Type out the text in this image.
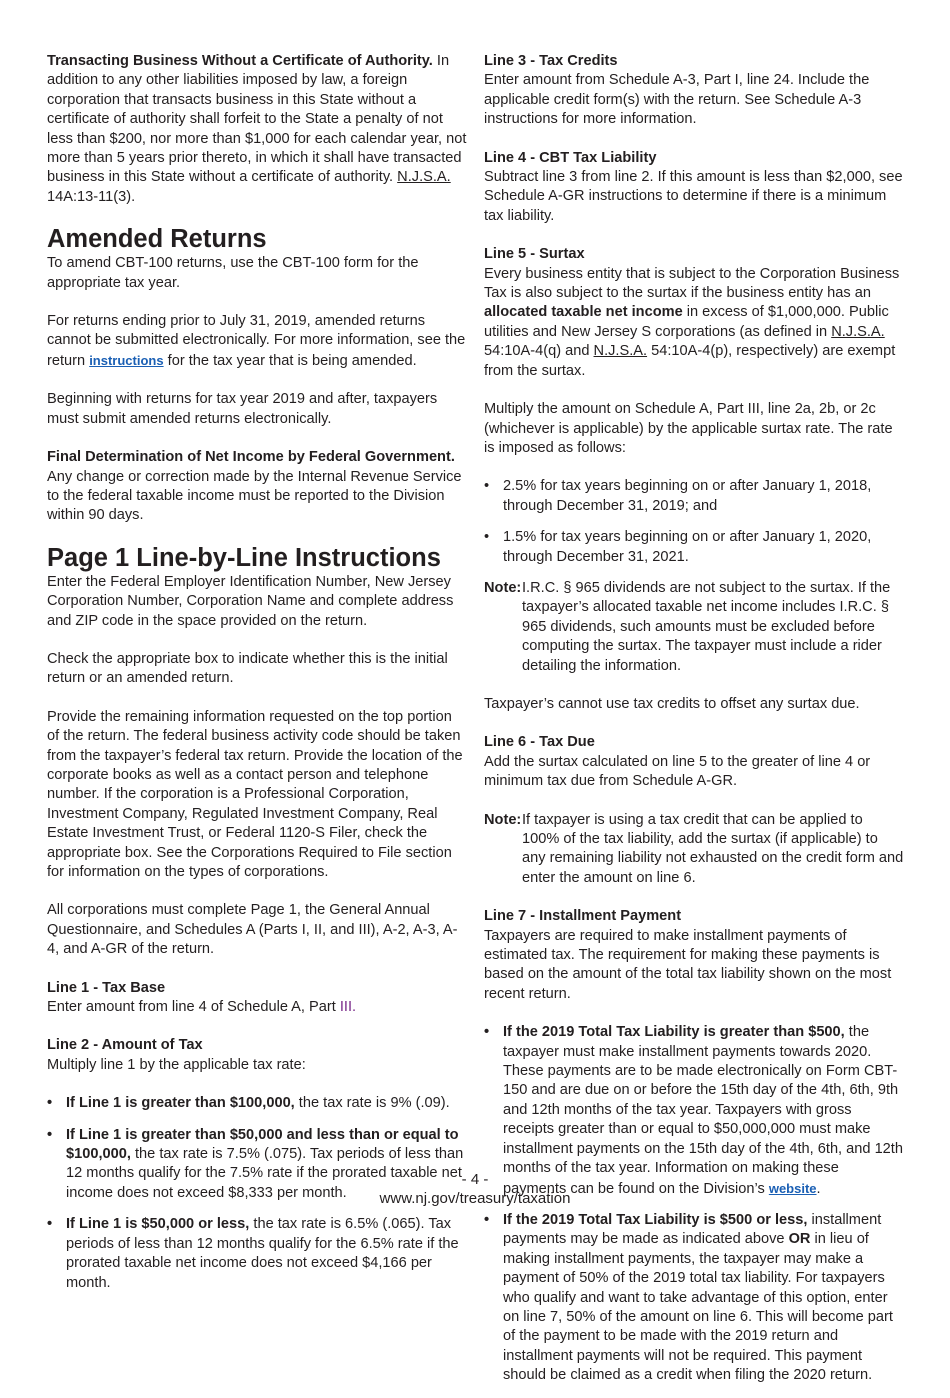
Transacting Business Without a Certificate of Authority. In addition to any other liabilities imposed by law, a foreign corporation that transacts business in this State without a certificate of authority shall forfeit to the State a penalty of not less than $200, nor more than $1,000 for each calendar year, not more than 5 years prior thereto, in which it shall have transacted business in this State without a certificate of authority. N.J.S.A. 14A:13-11(3).

Amended Returns

To amend CBT-100 returns, use the CBT-100 form for the appropriate tax year.

For returns ending prior to July 31, 2019, amended returns cannot be submitted electronically. For more information, see the return instructions for the tax year that is being amended.

Beginning with returns for tax year 2019 and after, taxpayers must submit amended returns electronically.

Final Determination of Net Income by Federal Government. Any change or correction made by the Internal Revenue Service to the federal taxable income must be reported to the Division within 90 days.

Page 1 Line-by-Line Instructions

Enter the Federal Employer Identification Number, New Jersey Corporation Number, Corporation Name and complete address and ZIP code in the space provided on the return.

Check the appropriate box to indicate whether this is the initial return or an amended return.

Provide the remaining information requested on the top portion of the return. The federal business activity code should be taken from the taxpayer’s federal tax return. Provide the location of the corporate books as well as a contact person and telephone number. If the corporation is a Professional Corporation, Investment Company, Regulated Investment Company, Real Estate Investment Trust, or Federal 1120-S Filer, check the appropriate box. See the Corporations Required to File section for information on the types of corporations.

All corporations must complete Page 1, the General Annual Questionnaire, and Schedules A (Parts I, II, and III), A-2, A-3, A-4, and A-GR of the return.

Line 1 - Tax Base

Enter amount from line 4 of Schedule A, Part III.

Line 2 - Amount of Tax

Multiply line 1 by the applicable tax rate:

• If Line 1 is greater than $100,000, the tax rate is 9% (.09).
• If Line 1 is greater than $50,000 and less than or equal to $100,000, the tax rate is 7.5% (.075). Tax periods of less than 12 months qualify for the 7.5% rate if the prorated taxable net income does not exceed $8,333 per month.
• If Line 1 is $50,000 or less, the tax rate is 6.5% (.065). Tax periods of less than 12 months qualify for the 6.5% rate if the prorated taxable net income does not exceed $4,166 per month.
Line 3 - Tax Credits

Enter amount from Schedule A-3, Part I, line 24. Include the applicable credit form(s) with the return. See Schedule A-3 instructions for more information.

Line 4 - CBT Tax Liability

Subtract line 3 from line 2. If this amount is less than $2,000, see Schedule A-GR instructions to determine if there is a minimum tax liability.

Line 5 - Surtax

Every business entity that is subject to the Corporation Business Tax is also subject to the surtax if the business entity has an allocated taxable net income in excess of $1,000,000. Public utilities and New Jersey S corporations (as defined in N.J.S.A. 54:10A-4(q) and N.J.S.A. 54:10A-4(p), respectively) are exempt from the surtax.

Multiply the amount on Schedule A, Part III, line 2a, 2b, or 2c (whichever is applicable) by the applicable surtax rate. The rate is imposed as follows:

• 2.5% for tax years beginning on or after January 1, 2018, through December 31, 2019; and
• 1.5% for tax years beginning on or after January 1, 2020, through December 31, 2021.
Note: I.R.C. § 965 dividends are not subject to the surtax. If the taxpayer’s allocated taxable net income includes I.R.C. § 965 dividends, such amounts must be excluded before computing the surtax. The taxpayer must include a rider detailing the information.

Taxpayer’s cannot use tax credits to offset any surtax due.

Line 6 - Tax Due

Add the surtax calculated on line 5 to the greater of line 4 or minimum tax due from Schedule A-GR.

Note: If taxpayer is using a tax credit that can be applied to 100% of the tax liability, add the surtax (if applicable) to any remaining liability not exhausted on the credit form and enter the amount on line 6.
Line 7 - Installment Payment

Taxpayers are required to make installment payments of estimated tax. The requirement for making these payments is based on the amount of the total tax liability shown on the most recent return.

• If the 2019 Total Tax Liability is greater than $500, the taxpayer must make installment payments towards 2020. These payments are to be made electronically on Form CBT-150 and are due on or before the 15th day of the 4th, 6th, 9th and 12th months of the tax year. Taxpayers with gross receipts greater than or equal to $50,000,000 must make installment payments on the 15th day of the 4th, 6th, and 12th months of the tax year. Information on making these payments can be found on the Division’s website.
• If the 2019 Total Tax Liability is $500 or less, installment payments may be made as indicated above OR in lieu of making installment payments, the taxpayer may make a payment of 50% of the 2019 total tax liability. For taxpayers who qualify and want to take advantage of this option, enter on line 7, 50% of the amount on line 6. This will become part of the payment to be made with the 2019 return and installment payments will not be required. This payment should be claimed as a credit when filing the 2020 return.
- 4 -
www.nj.gov/treasury/taxation
